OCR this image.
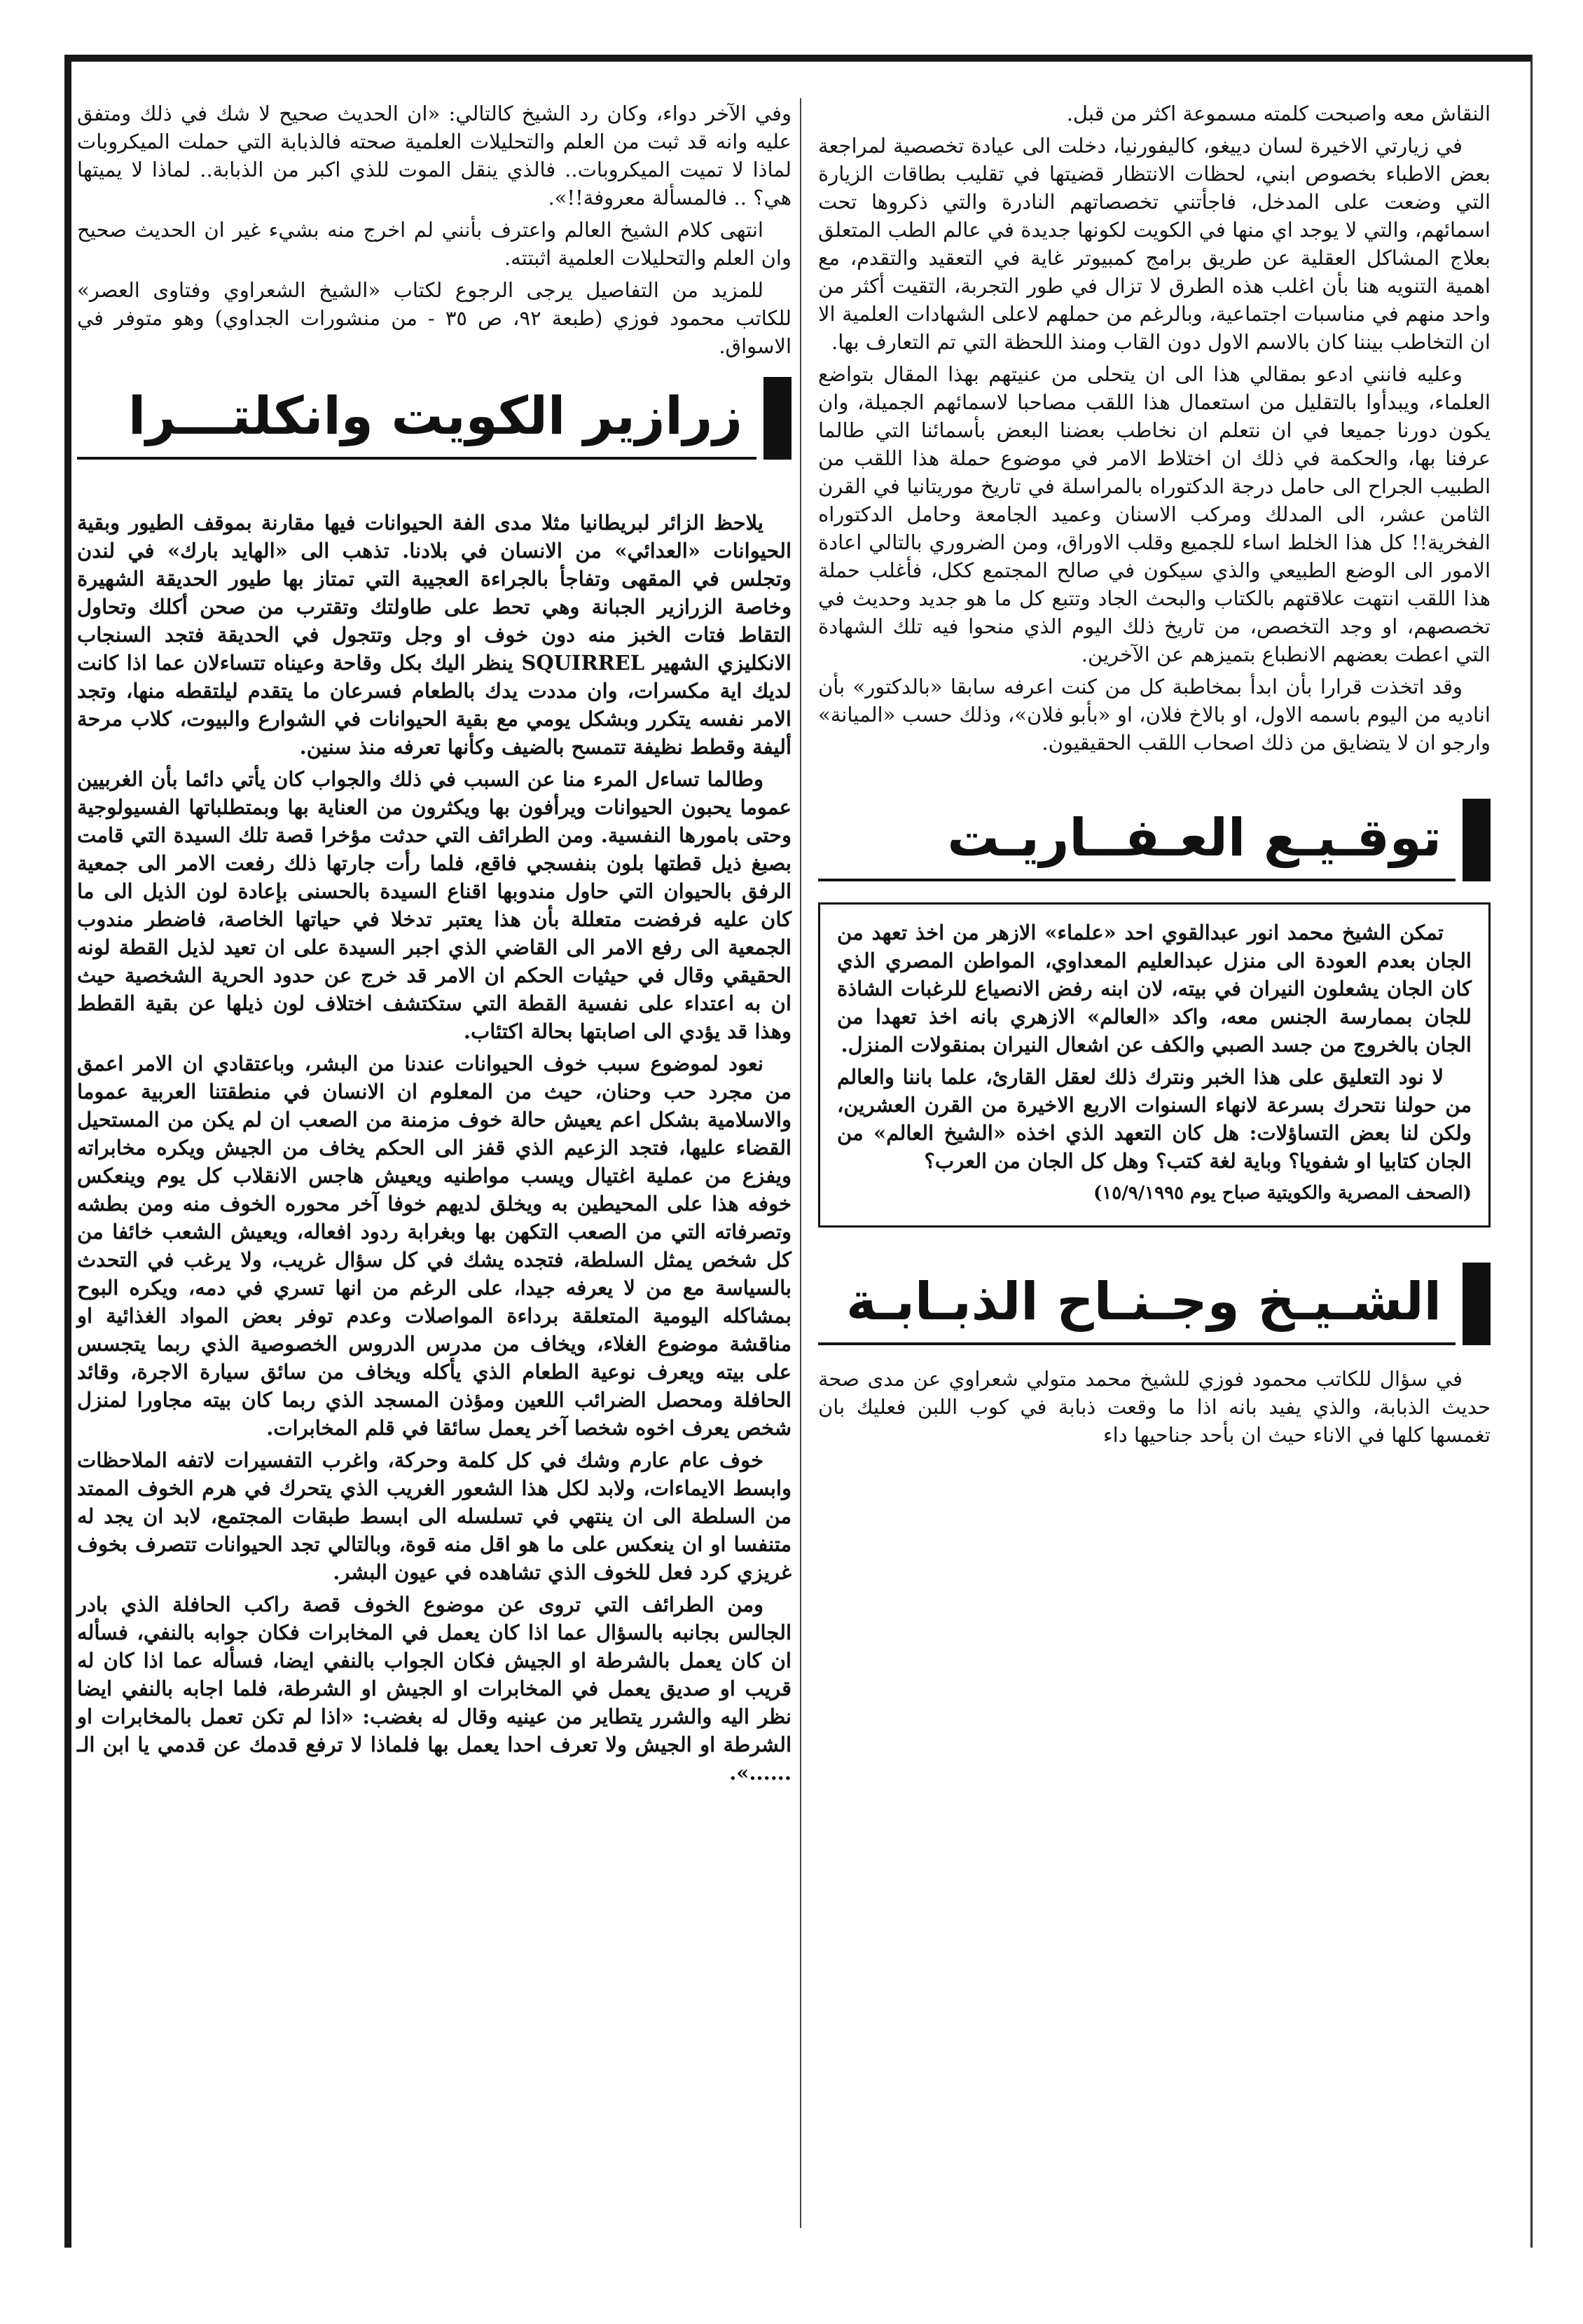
النقاش معه واصبحت كلمته مسموعة اكثر من قبل.

في زيارتي الاخيرة لسان دييغو، كاليفورنيا، دخلت الى عيادة تخصصية لمراجعة بعض الاطباء بخصوص ابني، لحظات الانتظار قضيتها في تقليب بطاقات الزيارة التي وضعت على المدخل، فاجأتني تخصصاتهم النادرة والتي ذكروها تحت اسمائهم، والتي لا يوجد اي منها في الكويت لكونها جديدة في عالم الطب المتعلق بعلاج المشاكل العقلية عن طريق برامج كمبيوتر غاية في التعقيد والتقدم، مع اهمية التنويه هنا بأن اغلب هذه الطرق لا تزال في طور التجربة، التقيت أكثر من واحد منهم في مناسبات اجتماعية، وبالرغم من حملهم لاعلى الشهادات العلمية الا ان التخاطب بيننا كان بالاسم الاول دون القاب ومنذ اللحظة التي تم التعارف بها.

وعليه فانني ادعو بمقالي هذا الى ان يتحلى من عنيتهم بهذا المقال بتواضع العلماء، ويبدأوا بالتقليل من استعمال هذا اللقب مصاحبا لاسمائهم الجميلة، وان يكون دورنا جميعا في ان نتعلم ان نخاطب بعضنا البعض بأسمائنا التي طالما عرفنا بها، والحكمة في ذلك ان اختلاط الامر في موضوع حملة هذا اللقب من الطبيب الجراح الى حامل درجة الدكتوراه بالمراسلة في تاريخ موريتانيا في القرن الثامن عشر، الى المدلك ومركب الاسنان وعميد الجامعة وحامل الدكتوراه الفخرية!! كل هذا الخلط اساء للجميع وقلب الاوراق، ومن الضروري بالتالي اعادة الامور الى الوضع الطبيعي والذي سيكون في صالح المجتمع ككل، فأغلب حملة هذا اللقب انتهت علاقتهم بالكتاب والبحث الجاد وتتبع كل ما هو جديد وحديث في تخصصهم، او وجد التخصص، من تاريخ ذلك اليوم الذي منحوا فيه تلك الشهادة التي اعطت بعضهم الانطباع بتميزهم عن الآخرين.

وقد اتخذت قرارا بأن ابدأ بمخاطبة كل من كنت اعرفه سابقا «بالدكتور» بأن اناديه من اليوم باسمه الاول، او بالاخ فلان، او «بأبو فلان»، وذلك حسب «الميانة» وارجو ان لا يتضايق من ذلك اصحاب اللقب الحقيقيون.

توقـيـع العـفــاريـت

تمكن الشيخ محمد انور عبدالقوي احد «علماء» الازهر من اخذ تعهد من الجان بعدم العودة الى منزل عبدالعليم المعداوي، المواطن المصري الذي كان الجان يشعلون النيران في بيته، لان ابنه رفض الانصياع للرغبات الشاذة للجان بممارسة الجنس معه، واكد «العالم» الازهري بانه اخذ تعهدا من الجان بالخروج من جسد الصبي والكف عن اشعال النيران بمنقولات المنزل.

لا نود التعليق على هذا الخبر ونترك ذلك لعقل القارئ، علما باننا والعالم من حولنا نتحرك بسرعة لانهاء السنوات الاربع الاخيرة من القرن العشرين، ولكن لنا بعض التساؤلات: هل كان التعهد الذي اخذه «الشيخ العالم» من الجان كتابيا او شفويا؟ وباية لغة كتب؟ وهل كل الجان من العرب؟

(الصحف المصرية والكويتية صباح يوم ١٥/٩/١٩٩٥)

الشـيـخ وجـنـاح الذبـابـة

في سؤال للكاتب محمود فوزي للشيخ محمد متولي شعراوي عن مدى صحة حديث الذبابة، والذي يفيد بانه اذا ما وقعت ذبابة في كوب اللبن فعليك بان تغمسها كلها في الاناء حيث ان بأحد جناحيها داء

وفي الآخر دواء، وكان رد الشيخ كالتالي: «ان الحديث صحيح لا شك في ذلك ومتفق عليه وانه قد ثبت من العلم والتحليلات العلمية صحته فالذبابة التي حملت الميكروبات لماذا لا تميت الميكروبات.. فالذي ينقل الموت للذي اكبر من الذبابة.. لماذا لا يميتها هي؟ .. فالمسألة معروفة!!».

انتهى كلام الشيخ العالم واعترف بأنني لم اخرج منه بشيء غير ان الحديث صحيح وان العلم والتحليلات العلمية اثبتته.

للمزيد من التفاصيل يرجى الرجوع لكتاب «الشيخ الشعراوي وفتاوى العصر» للكاتب محمود فوزي (طبعة ٩٢، ص ٣٥ - من منشورات الجداوي) وهو متوفر في الاسواق.

زرازير الكويت وانكلتـــرا

يلاحظ الزائر لبريطانيا مثلا مدى الفة الحيوانات فيها مقارنة بموقف الطيور وبقية الحيوانات «العدائي» من الانسان في بلادنا. تذهب الى «الهايد بارك» في لندن وتجلس في المقهى وتفاجأ بالجراءة العجيبة التي تمتاز بها طيور الحديقة الشهيرة وخاصة الزرازير الجبانة وهي تحط على طاولتك وتقترب من صحن أكلك وتحاول التقاط فتات الخبز منه دون خوف او وجل وتتجول في الحديقة فتجد السنجاب الانكليزي الشهير SQUIRREL ينظر اليك بكل وقاحة وعيناه تتساءلان عما اذا كانت لديك اية مكسرات، وان مددت يدك بالطعام فسرعان ما يتقدم ليلتقطه منها، وتجد الامر نفسه يتكرر وبشكل يومي مع بقية الحيوانات في الشوارع والبيوت، كلاب مرحة أليفة وقطط نظيفة تتمسح بالضيف وكأنها تعرفه منذ سنين.

وطالما تساءل المرء منا عن السبب في ذلك والجواب كان يأتي دائما بأن الغربيين عموما يحبون الحيوانات ويرأفون بها ويكثرون من العناية بها وبمتطلباتها الفسيولوجية وحتى بامورها النفسية. ومن الطرائف التي حدثت مؤخرا قصة تلك السيدة التي قامت بصبغ ذيل قطتها بلون بنفسجي فاقع، فلما رأت جارتها ذلك رفعت الامر الى جمعية الرفق بالحيوان التي حاول مندوبها اقناع السيدة بالحسنى بإعادة لون الذيل الى ما كان عليه فرفضت متعللة بأن هذا يعتبر تدخلا في حياتها الخاصة، فاضطر مندوب الجمعية الى رفع الامر الى القاضي الذي اجبر السيدة على ان تعيد لذيل القطة لونه الحقيقي وقال في حيثيات الحكم ان الامر قد خرج عن حدود الحرية الشخصية حيث ان به اعتداء على نفسية القطة التي ستكتشف اختلاف لون ذيلها عن بقية القطط وهذا قد يؤدي الى اصابتها بحالة اكتئاب.

نعود لموضوع سبب خوف الحيوانات عندنا من البشر، وباعتقادي ان الامر اعمق من مجرد حب وحنان، حيث من المعلوم ان الانسان في منطقتنا العربية عموما والاسلامية بشكل اعم يعيش حالة خوف مزمنة من الصعب ان لم يكن من المستحيل القضاء عليها، فتجد الزعيم الذي قفز الى الحكم يخاف من الجيش ويكره مخابراته ويفزع من عملية اغتيال ويسب مواطنيه ويعيش هاجس الانقلاب كل يوم وينعكس خوفه هذا على المحيطين به ويخلق لديهم خوفا آخر محوره الخوف منه ومن بطشه وتصرفاته التي من الصعب التكهن بها وبغرابة ردود افعاله، ويعيش الشعب خائفا من كل شخص يمثل السلطة، فتجده يشك في كل سؤال غريب، ولا يرغب في التحدث بالسياسة مع من لا يعرفه جيدا، على الرغم من انها تسري في دمه، ويكره البوح بمشاكله اليومية المتعلقة برداءة المواصلات وعدم توفر بعض المواد الغذائية او مناقشة موضوع الغلاء، ويخاف من مدرس الدروس الخصوصية الذي ربما يتجسس على بيته ويعرف نوعية الطعام الذي يأكله ويخاف من سائق سيارة الاجرة، وقائد الحافلة ومحصل الضرائب اللعين ومؤذن المسجد الذي ربما كان بيته مجاورا لمنزل شخص يعرف اخوه شخصا آخر يعمل سائقا في قلم المخابرات.

خوف عام عارم وشك في كل كلمة وحركة، واغرب التفسيرات لاتفه الملاحظات وابسط الايماءات، ولابد لكل هذا الشعور الغريب الذي يتحرك في هرم الخوف الممتد من السلطة الى ان ينتهي في تسلسله الى ابسط طبقات المجتمع، لابد ان يجد له متنفسا او ان ينعكس على ما هو اقل منه قوة، وبالتالي تجد الحيوانات تتصرف بخوف غريزي كرد فعل للخوف الذي تشاهده في عيون البشر.

ومن الطرائف التي تروى عن موضوع الخوف قصة راكب الحافلة الذي بادر الجالس بجانبه بالسؤال عما اذا كان يعمل في المخابرات فكان جوابه بالنفي، فسأله ان كان يعمل بالشرطة او الجيش فكان الجواب بالنفي ايضا، فسأله عما اذا كان له قريب او صديق يعمل في المخابرات او الجيش او الشرطة، فلما اجابه بالنفي ايضا نظر اليه والشرر يتطاير من عينيه وقال له بغضب: «اذا لم تكن تعمل بالمخابرات او الشرطة او الجيش ولا تعرف احدا يعمل بها فلماذا لا ترفع قدمك عن قدمي يا ابن الـ ......».
